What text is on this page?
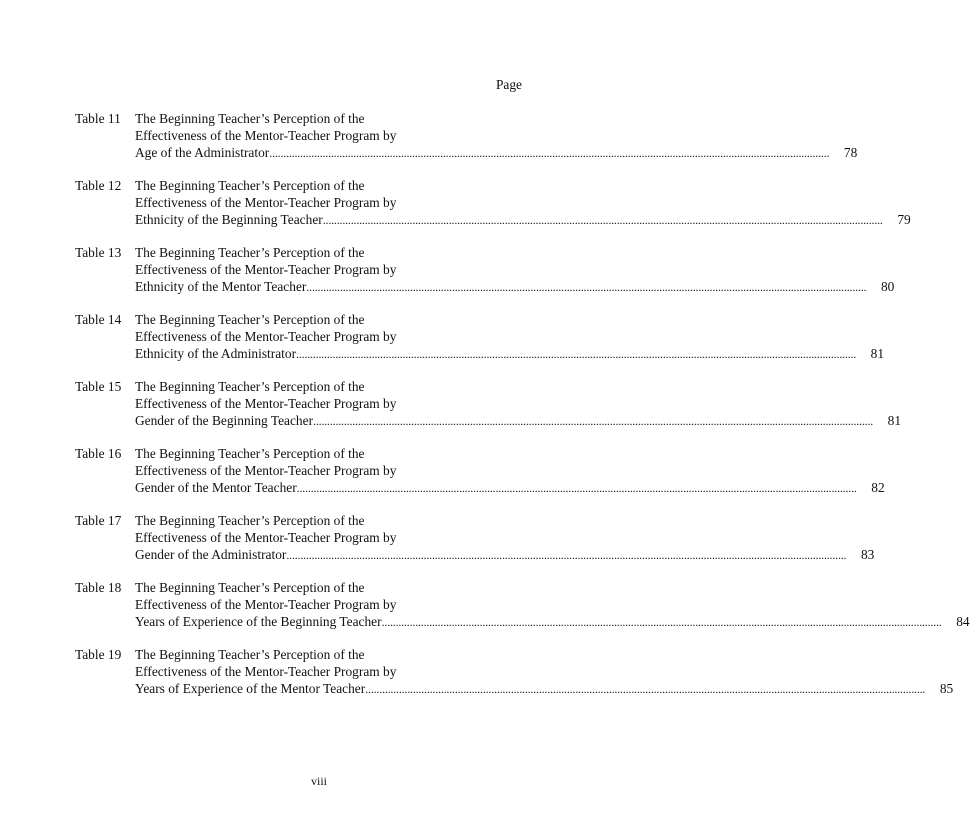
Page
Table 11 The Beginning Teacher’s Perception of the
Effectiveness of the Mentor-Teacher Program by
Age of the Administrator ........................................................................................................................................................................................................ 78
Table 12 The Beginning Teacher’s Perception of the
Effectiveness of the Mentor-Teacher Program by
Ethnicity of the Beginning Teacher ........................................................................................................................................................................................................ 79
Table 13 The Beginning Teacher’s Perception of the
Effectiveness of the Mentor-Teacher Program by
Ethnicity of the Mentor Teacher ........................................................................................................................................................................................................ 80
Table 14 The Beginning Teacher’s Perception of the
Effectiveness of the Mentor-Teacher Program by
Ethnicity of the Administrator ........................................................................................................................................................................................................ 81
Table 15 The Beginning Teacher’s Perception of the
Effectiveness of the Mentor-Teacher Program by
Gender of the Beginning Teacher ........................................................................................................................................................................................................ 81
Table 16 The Beginning Teacher’s Perception of the
Effectiveness of the Mentor-Teacher Program by
Gender of the Mentor Teacher ........................................................................................................................................................................................................ 82
Table 17 The Beginning Teacher’s Perception of the
Effectiveness of the Mentor-Teacher Program by
Gender of the Administrator ........................................................................................................................................................................................................ 83
Table 18 The Beginning Teacher’s Perception of the
Effectiveness of the Mentor-Teacher Program by
Years of Experience of the Beginning Teacher ........................................................................................................................................................................................................ 84
Table 19 The Beginning Teacher’s Perception of the
Effectiveness of the Mentor-Teacher Program by
Years of Experience of the Mentor Teacher ........................................................................................................................................................................................................ 85
viii
